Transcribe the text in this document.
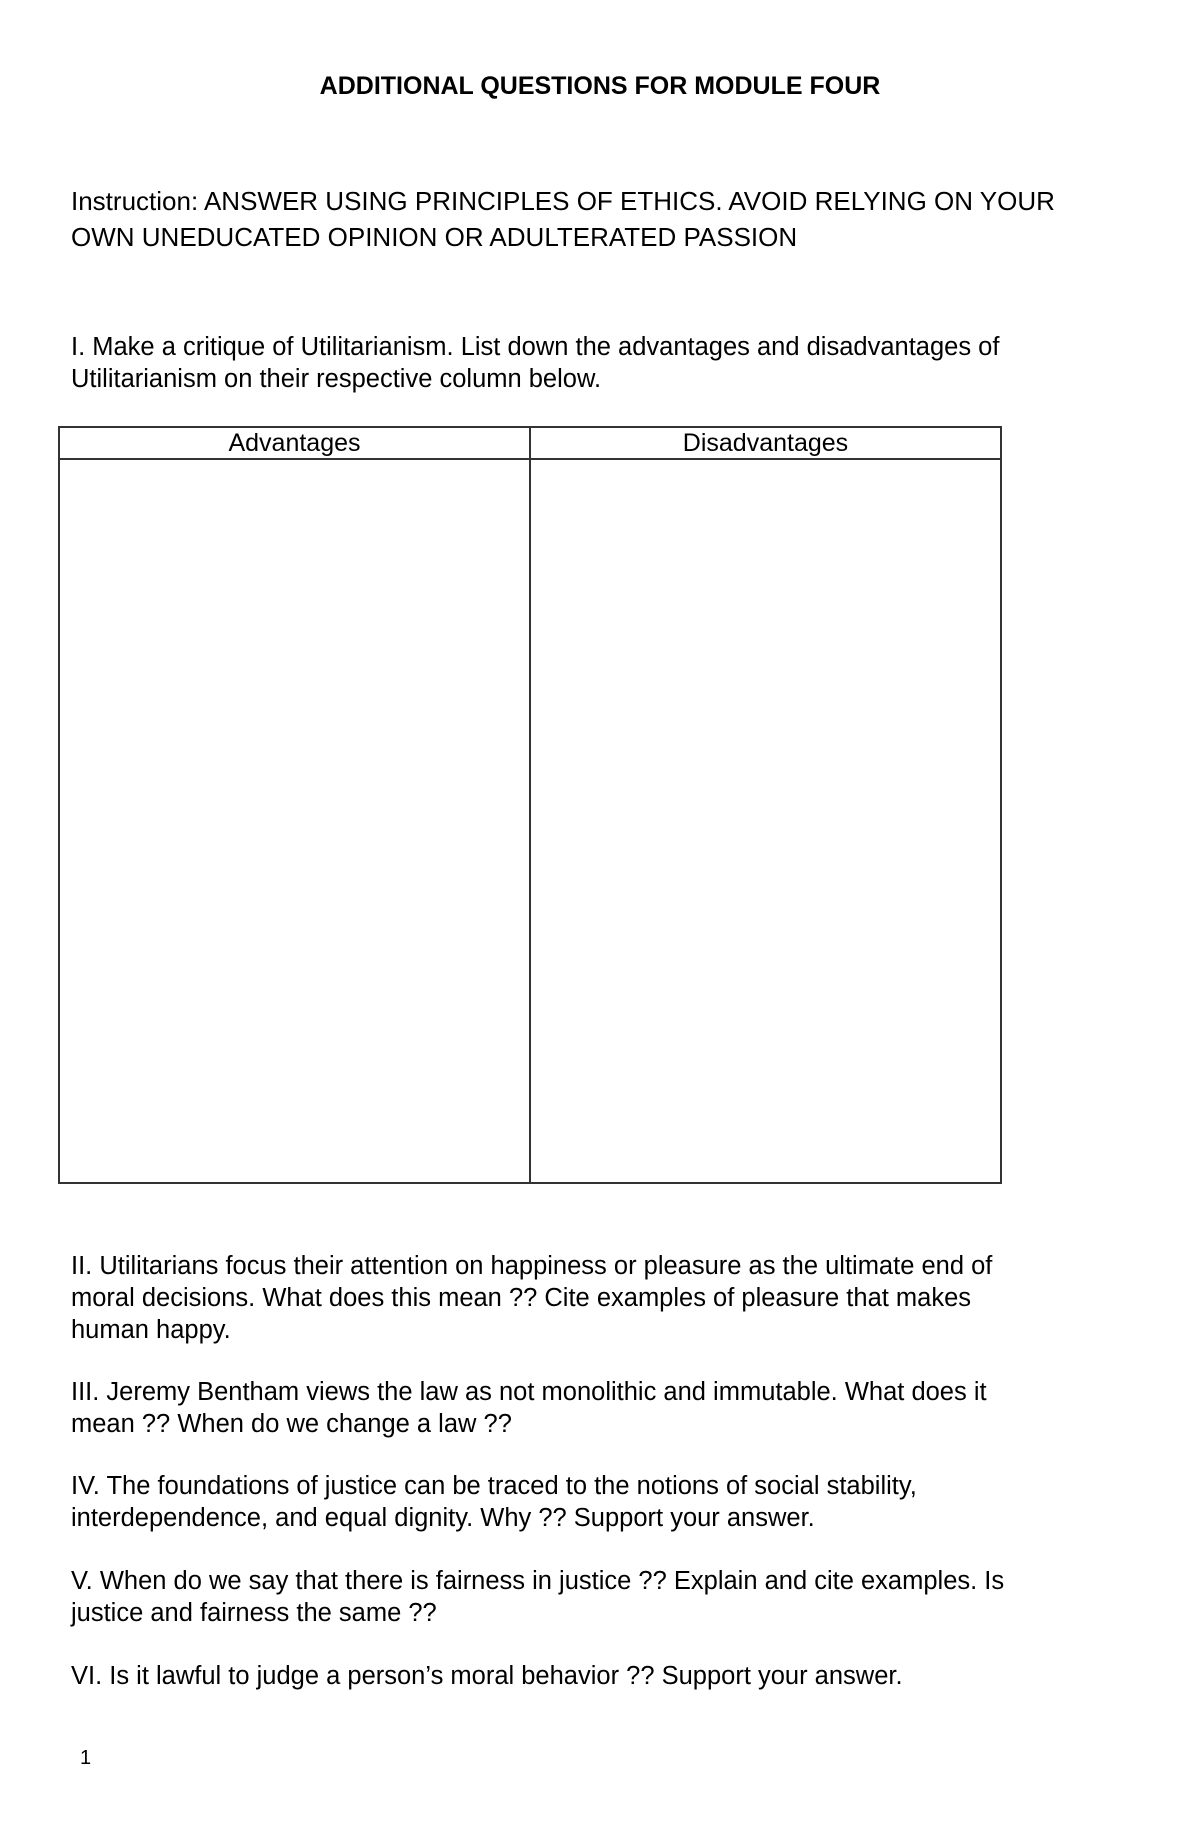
ADDITIONAL QUESTIONS FOR MODULE FOUR
Instruction: ANSWER USING PRINCIPLES OF ETHICS. AVOID RELYING ON YOUR
OWN UNEDUCATED OPINION OR ADULTERATED PASSION
I. Make a critique of Utilitarianism. List down the advantages and disadvantages of
Utilitarianism on their respective column below.
Advantages	Disadvantages

II. Utilitarians focus their attention on happiness or pleasure as the ultimate end of
moral decisions. What does this mean ?? Cite examples of pleasure that makes
human happy.
III. Jeremy Bentham views the law as not monolithic and immutable. What does it
mean ?? When do we change a law ??
IV. The foundations of justice can be traced to the notions of social stability,
interdependence, and equal dignity. Why ?? Support your answer.
V. When do we say that there is fairness in justice ?? Explain and cite examples. Is
justice and fairness the same ??
VI. Is it lawful to judge a person’s moral behavior ?? Support your answer.
1
